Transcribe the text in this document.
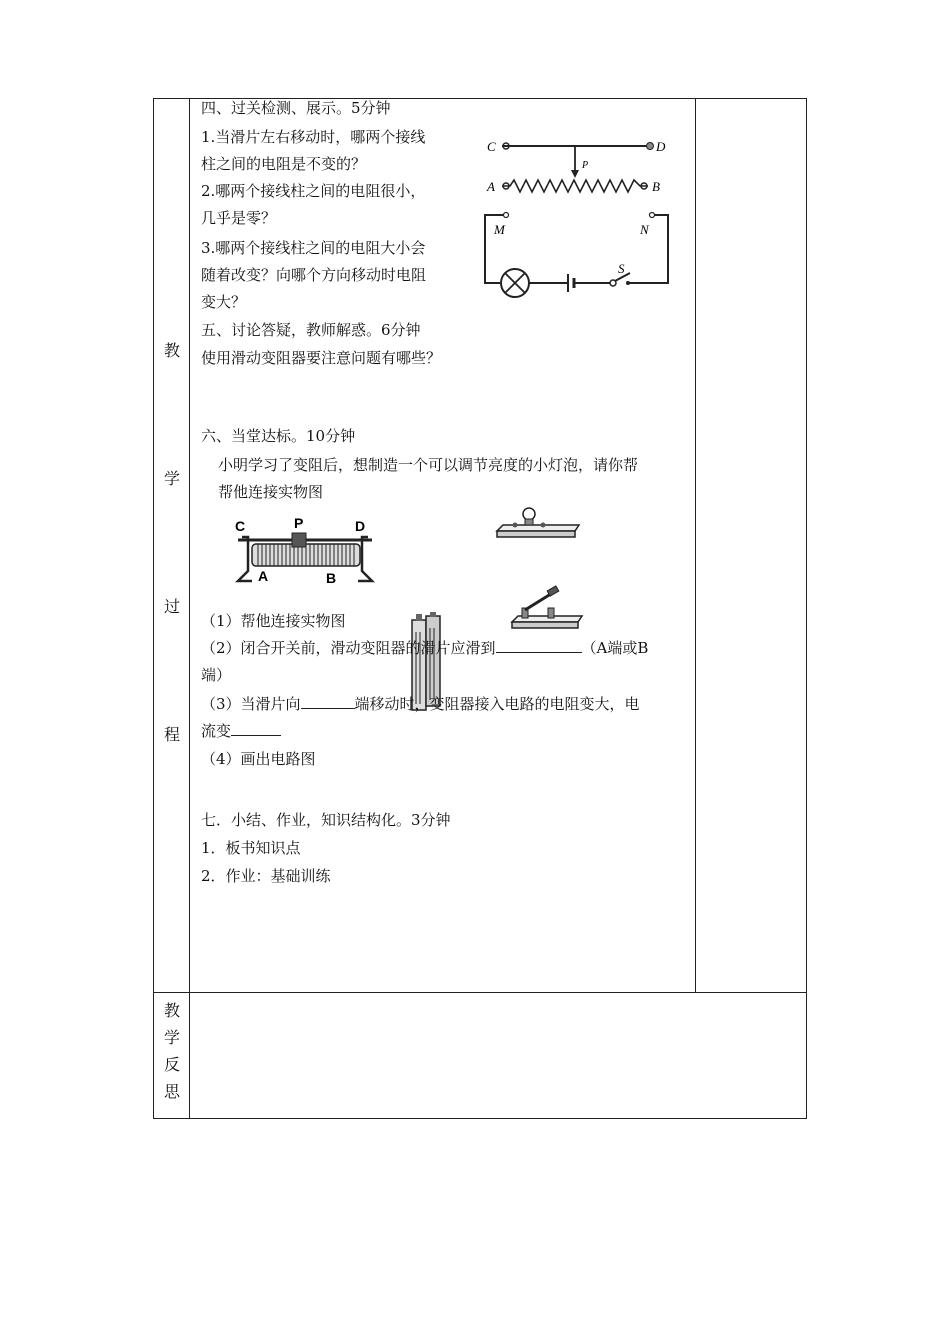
教
学
过
程
教
学
反
思
四、过关检测、展示。5分钟
1.当滑片左右移动时，哪两个接线
柱之间的电阻是不变的？
2.哪两个接线柱之间的电阻很小，
几乎是零？
3.哪两个接线柱之间的电阻大小会
随着改变？向哪个方向移动时电阻
变大？
C	D
P
A	B
M	N
S
五、讨论答疑，教师解惑。6分钟
使用滑动变阻器要注意问题有哪些？
六、当堂达标。10分钟
小明学习了变阻后，想制造一个可以调节亮度的小灯泡，请你帮
帮他连接实物图
C	P	D
A	B
（1）帮他连接实物图
（2）闭合开关前，滑动变阻器的滑片应滑到	（A端或B
端）
（3）当滑片向	端移动时，变阻器接入电路的电阻变大，电
流变
（4）画出电路图
七．小结、作业，知识结构化。3分钟
1．板书知识点
2．作业：基础训练
